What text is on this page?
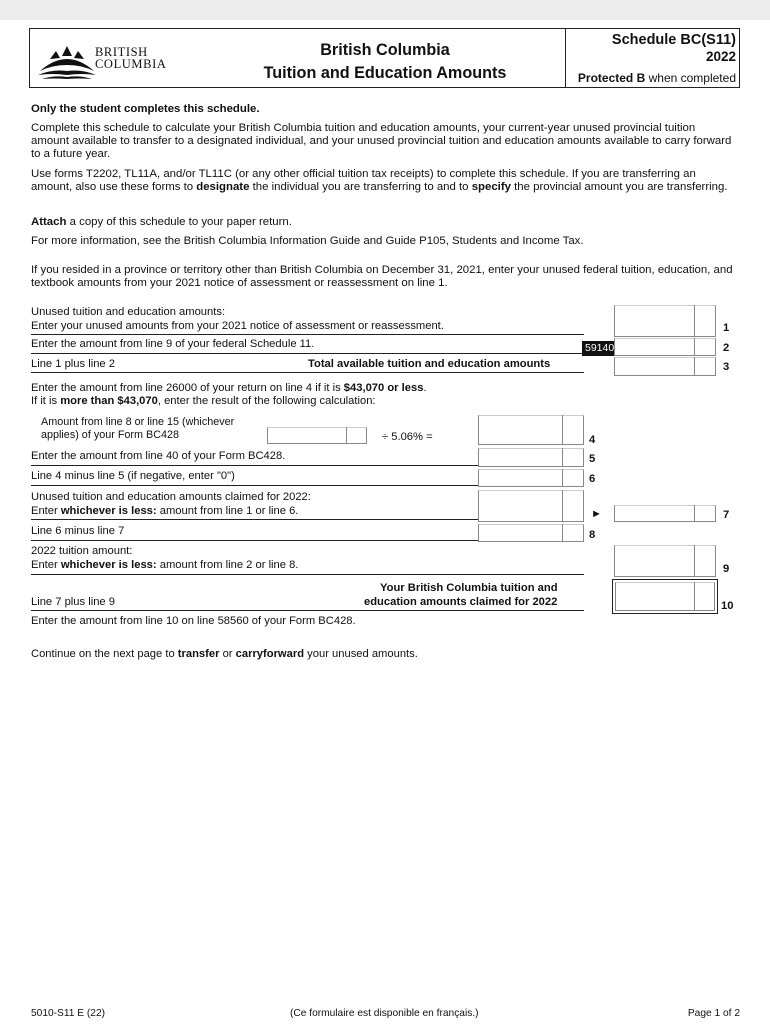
BRITISH
COLUMBIA
British Columbia
Tuition and Education Amounts
Schedule BC(S11)
2022
Protected B when completed
Only the student completes this schedule.
Complete this schedule to calculate your British Columbia tuition and education amounts, your current-year unused provincial tuition amount available to transfer to a designated individual, and your unused provincial tuition and education amounts available to carry forward to a future year.
Use forms T2202, TL11A, and/or TL11C (or any other official tuition tax receipts) to complete this schedule. If you are transferring an amount, also use these forms to designate the individual you are transferring to and to specify the provincial amount you are transferring.
Attach a copy of this schedule to your paper return.
For more information, see the British Columbia Information Guide and Guide P105, Students and Income Tax.
If you resided in a province or territory other than British Columbia on December 31, 2021, enter your unused federal tuition, education, and textbook amounts from your 2021 notice of assessment or reassessment on line 1.
Unused tuition and education amounts:
Enter your unused amounts from your 2021 notice of assessment or reassessment.	1
Enter the amount from line 9 of your federal Schedule 11.	59140	2
Line 1 plus line 2	Total available tuition and education amounts	3
Enter the amount from line 26000 of your return on line 4 if it is $43,070 or less.
If it is more than $43,070, enter the result of the following calculation:
Amount from line 8 or line 15 (whichever
applies) of your Form BC428	÷ 5.06% =	4
Enter the amount from line 40 of your Form BC428.	5
Line 4 minus line 5 (if negative, enter "0")	6
Unused tuition and education amounts claimed for 2022:
Enter whichever is less: amount from line 1 or line 6.	►	7
Line 6 minus line 7	8
2022 tuition amount:
Enter whichever is less: amount from line 2 or line 8.	9
Line 7 plus line 9
Your British Columbia tuition and
education amounts claimed for 2022	10
Enter the amount from line 10 on line 58560 of your Form BC428.
Continue on the next page to transfer or carryforward your unused amounts.
5010-S11 E (22)	(Ce formulaire est disponible en français.)	Page 1 of 2
